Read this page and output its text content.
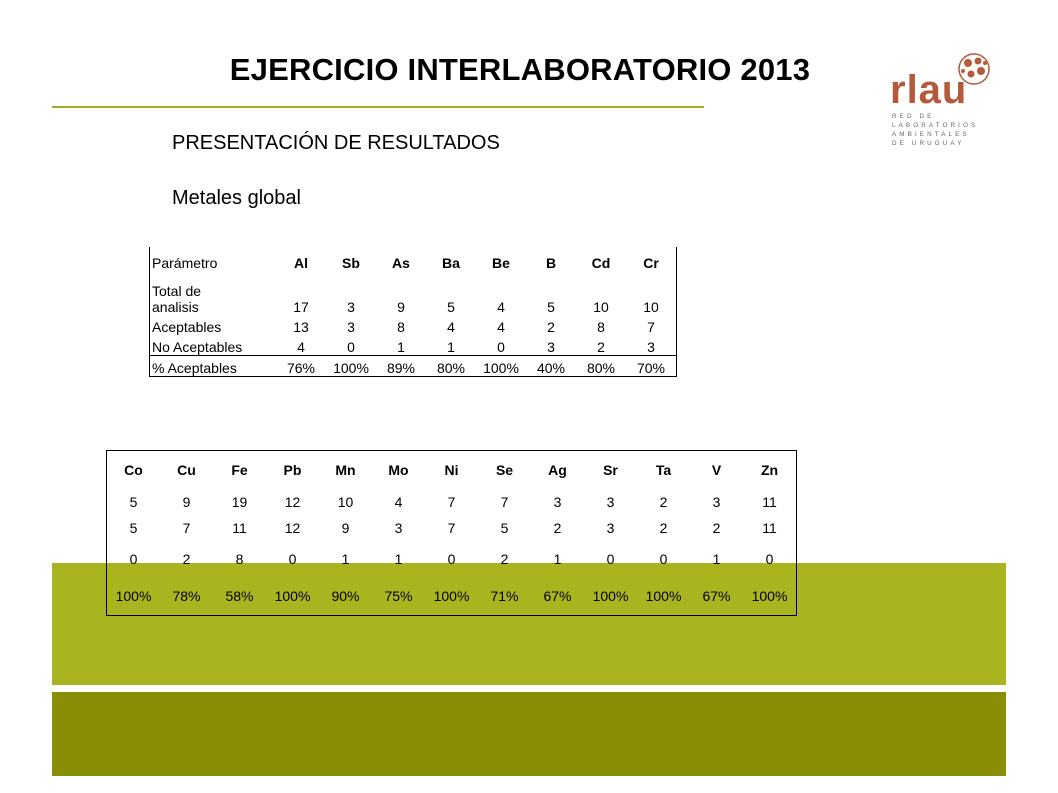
EJERCICIO INTERLABORATORIO 2013
PRESENTACIÓN DE RESULTADOS
Metales global
rlau
RED DE
LABORATORIOS
AMBIENTALES
DE URUGUAY
Parámetro	Al	Sb	As	Ba	Be	B	Cd	Cr

Total de
analisis	17	3	9	5	4	5	10	10
Aceptables	13	3	8	4	4	2	8	7
No Aceptables	4	0	1	1	0	3	2	3
% Aceptables	76%	100%	89%	80%	100%	40%	80%	70%
Co	Cu	Fe	Pb	Mn	Mo	Ni	Se	Ag	Sr	Ta	V	Zn
5	9	19	12	10	4	7	7	3	3	2	3	11
5	7	11	12	9	3	7	5	2	3	2	2	11
0	2	8	0	1	1	0	2	1	0	0	1	0
100%	78%	58%	100%	90%	75%	100%	71%	67%	100%	100%	67%	100%
